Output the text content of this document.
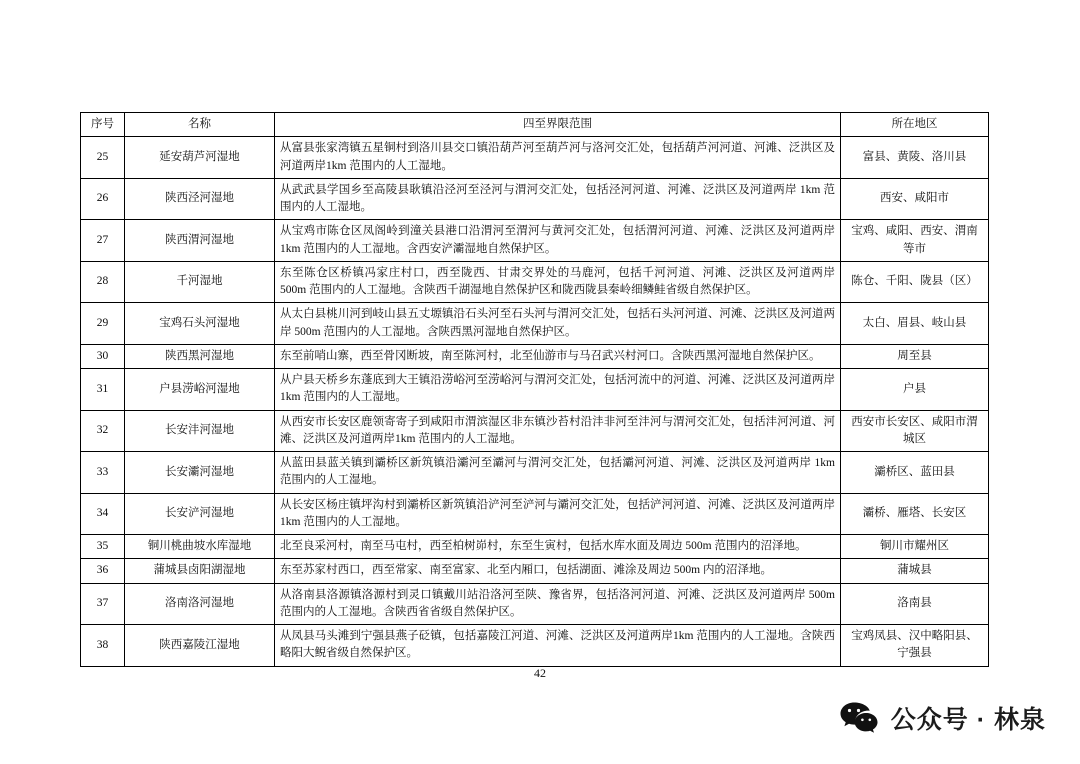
序号	名称	四至界限范围	所在地区
25	延安葫芦河湿地	从富县张家湾镇五星铜村到洛川县交口镇沿葫芦河至葫芦河与洛河交汇处，包括葫芦河河道、河滩、泛洪区及河道两岸1km 范围内的人工湿地。	富县、黄陵、洛川县
26	陕西泾河湿地	从武武县学国乡至高陵县耿镇沿泾河至泾河与渭河交汇处，包括泾河河道、河滩、泛洪区及河道两岸 1km 范围内的人工湿地。	西安、咸阳市
27	陕西渭河湿地	从宝鸡市陈仓区凤阁岭到潼关县港口沿渭河至渭河与黄河交汇处，包括渭河河道、河滩、泛洪区及河道两岸 1km 范围内的人工湿地。含西安浐灞湿地自然保护区。	宝鸡、咸阳、西安、渭南等市
28	千河湿地	东至陈仓区桥镇冯家庄村口，西至陇西、甘肃交界处的马鹿河，包括千河河道、河滩、泛洪区及河道两岸 500m 范围内的人工湿地。含陕西千湖湿地自然保护区和陇西陇县秦岭细鳞鲑省级自然保护区。	陈仓、千阳、陇县（区）
29	宝鸡石头河湿地	从太白县桃川河到岐山县五丈塬镇沿石头河至石头河与渭河交汇处，包括石头河河道、河滩、泛洪区及河道两岸 500m 范围内的人工湿地。含陕西黑河湿地自然保护区。	太白、眉县、岐山县
30	陕西黑河湿地	东至前哨山寨，西至骨冈断坡，南至陈河村，北至仙游市与马召武兴村河口。含陕西黑河湿地自然保护区。	周至县
31	户县涝峪河湿地	从户县天桥乡东蓬底到大王镇沿涝峪河至涝峪河与渭河交汇处，包括河流中的河道、河滩、泛洪区及河道两岸 1km 范围内的人工湿地。	户县
32	长安沣河湿地	从西安市长安区鹿领寄寄子到咸阳市渭滨湿区非东镇沙苔村沿沣非河至沣河与渭河交汇处，包括沣河河道、河滩、泛洪区及河道两岸1km 范围内的人工湿地。	西安市长安区、咸阳市渭城区
33	长安灞河湿地	从蓝田县蓝关镇到灞桥区新筑镇沿灞河至灞河与渭河交汇处，包括灞河河道、河滩、泛洪区及河道两岸 1km 范围内的人工湿地。	灞桥区、蓝田县
34	长安浐河湿地	从长安区杨庄镇坪沟村到灞桥区新筑镇沿浐河至浐河与灞河交汇处，包括浐河河道、河滩、泛洪区及河道两岸 1km 范围内的人工湿地。	灞桥、雁塔、长安区
35	铜川桃曲坡水库湿地	北至良采河村，南至马屯村，西至柏树峁村，东至生寅村，包括水库水面及周边 500m 范围内的沼泽地。	铜川市耀州区
36	蒲城县卤阳湖湿地	东至苏家村西口，西至常家、南至富家、北至内厢口，包括湖面、滩涂及周边 500m 内的沼泽地。	蒲城县
37	洛南洛河湿地	从洛南县洛源镇洛源村到灵口镇戴川站沿洛河至陕、豫省界，包括洛河河道、河滩、泛洪区及河道两岸 500m 范围内的人工湿地。含陕西省省级自然保护区。	洛南县
38	陕西嘉陵江湿地	从凤县马头滩到宁强县燕子砭镇，包括嘉陵江河道、河滩、泛洪区及河道两岸1km 范围内的人工湿地。含陕西略阳大鲵省级自然保护区。	宝鸡凤县、汉中略阳县、宁强县
42
公众号 · 林泉
